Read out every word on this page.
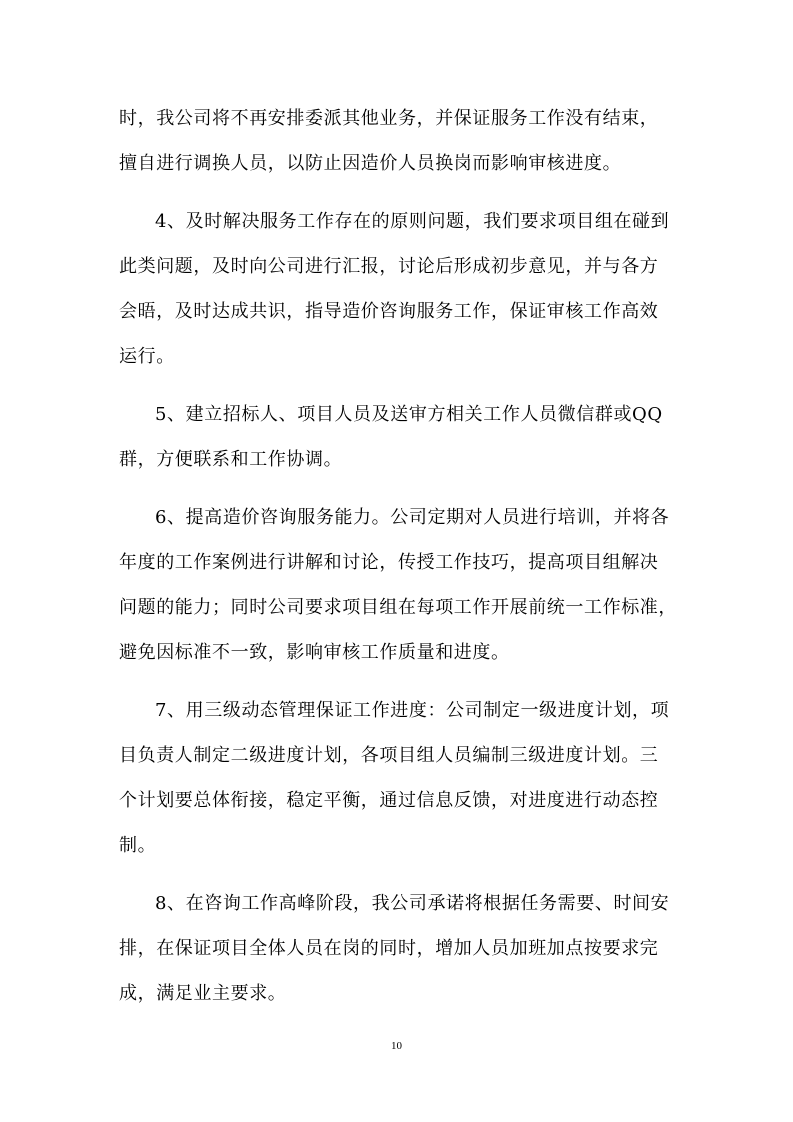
时，我公司将不再安排委派其他业务，并保证服务工作没有结束，
擅自进行调换人员，以防止因造价人员换岗而影响审核进度。
4、及时解决服务工作存在的原则问题，我们要求项目组在碰到
此类问题，及时向公司进行汇报，讨论后形成初步意见，并与各方
会晤，及时达成共识，指导造价咨询服务工作，保证审核工作高效
运行。
5、建立招标人、项目人员及送审方相关工作人员微信群或QQ
群，方便联系和工作协调。
6、提高造价咨询服务能力。公司定期对人员进行培训，并将各
年度的工作案例进行讲解和讨论，传授工作技巧，提高项目组解决
问题的能力；同时公司要求项目组在每项工作开展前统一工作标准，
避免因标准不一致，影响审核工作质量和进度。
7、用三级动态管理保证工作进度：公司制定一级进度计划，项
目负责人制定二级进度计划，各项目组人员编制三级进度计划。三
个计划要总体衔接，稳定平衡，通过信息反馈，对进度进行动态控
制。
8、在咨询工作高峰阶段，我公司承诺将根据任务需要、时间安
排，在保证项目全体人员在岗的同时，增加人员加班加点按要求完
成，满足业主要求。
10
